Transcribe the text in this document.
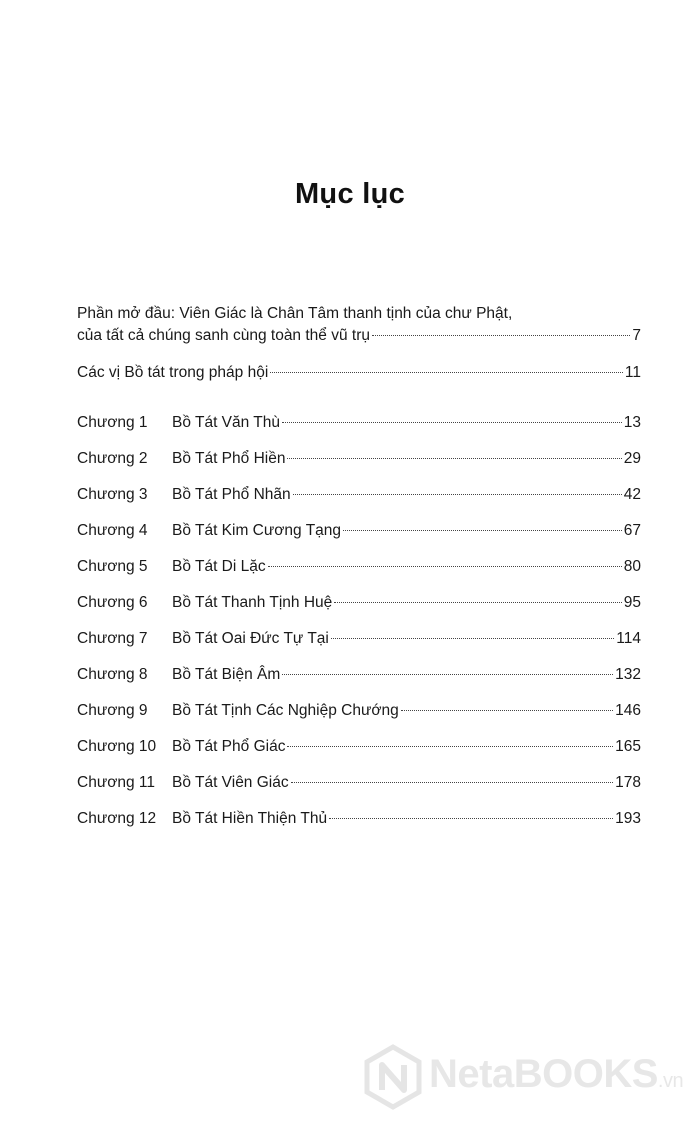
Mục lục
Phần mở đầu: Viên Giác là Chân Tâm thanh tịnh của chư Phật,
của tất cả chúng sanh cùng toàn thể vũ trụ	7
Các vị Bồ tát trong pháp hội	11
Chương 1	Bồ Tát Văn Thù	13
Chương 2	Bồ Tát Phổ Hiền	29
Chương 3	Bồ Tát Phổ Nhãn	42
Chương 4	Bồ Tát Kim Cương Tạng	67
Chương 5	Bồ Tát Di Lặc	80
Chương 6	Bồ Tát Thanh Tịnh Huệ	95
Chương 7	Bồ Tát Oai Đức Tự Tại	114
Chương 8	Bồ Tát Biện Âm	132
Chương 9	Bồ Tát Tịnh Các Nghiệp Chướng	146
Chương 10	Bồ Tát Phổ Giác	165
Chương 11	Bồ Tát Viên Giác	178
Chương 12	Bồ Tát Hiền Thiện Thủ	193
NetaBOOKS.vn
